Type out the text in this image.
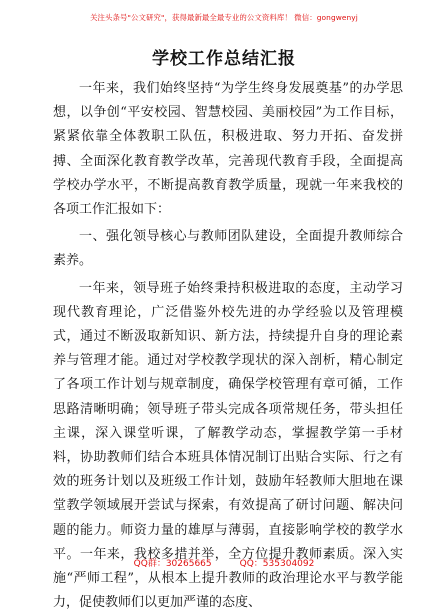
关注头条号"公文研究"，获得最新最全最专业的公文资料库！ 微信：gongwenyj
学校工作总结汇报

一年来，我们始终坚持“为学生终身发展奠基”的办学思想，以争创“平安校园、智慧校园、美丽校园”为工作目标，紧紧依靠全体教职工队伍，积极进取、努力开拓、奋发拼搏、全面深化教育教学改革，完善现代教育手段，全面提高学校办学水平，不断提高教育教学质量，现就一年来我校的各项工作汇报如下：

一、强化领导核心与教师团队建设，全面提升教师综合素养。

一年来，领导班子始终秉持积极进取的态度，主动学习现代教育理论，广泛借鉴外校先进的办学经验以及管理模式，通过不断汲取新知识、新方法，持续提升自身的理论素养与管理才能。通过对学校教学现状的深入剖析，精心制定了各项工作计划与规章制度，确保学校管理有章可循，工作思路清晰明确；领导班子带头完成各项常规任务，带头担任主课，深入课堂听课，了解教学动态，掌握教学第一手材料，协助教师们结合本班具体情况制订出贴合实际、行之有效的班务计划以及班级工作计划，鼓励年轻教师大胆地在课堂教学领域展开尝试与探索，有效提高了研讨问题、解决问题的能力。师资力量的雄厚与薄弱，直接影响学校的教学水平。一年来，我校多措并举，全方位提升教师素质。深入实施“严师工程”，从根本上提升教师的政治理论水平与教学能力，促使教师们以更加严谨的态度、

QQ群：30265665	QQ：535304092
